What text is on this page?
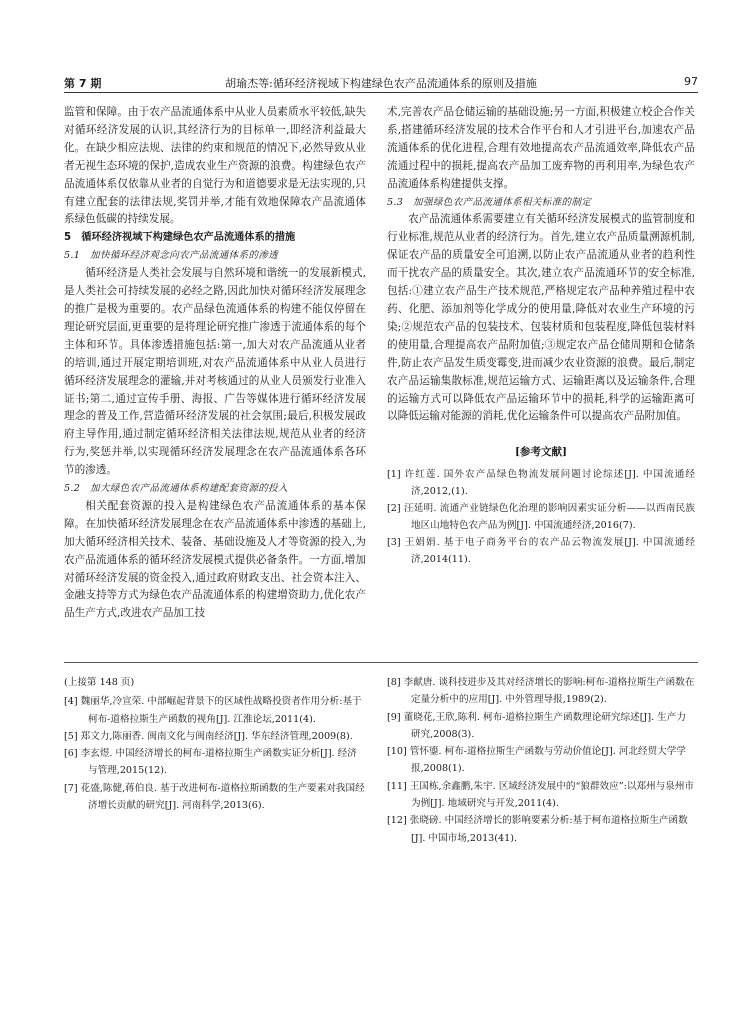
第 7 期	胡瑜杰等:循环经济视域下构建绿色农产品流通体系的原则及措施	97

监管和保障。由于农产品流通体系中从业人员素质水平较低,缺失对循环经济发展的认识,其经济行为的目标单一,即经济利益最大化。在缺少相应法规、法律的约束和规范的情况下,必然导致从业者无视生态环境的保护,造成农业生产资源的浪费。构建绿色农产品流通体系仅依靠从业者的自觉行为和道德要求是无法实现的,只有建立配套的法律法规,奖罚并举,才能有效地保障农产品流通体系绿色低碳的持续发展。

5　循环经济视域下构建绿色农产品流通体系的措施

5.1　加快循环经济观念向农产品流通体系的渗透

循环经济是人类社会发展与自然环境和谐统一的发展新模式,是人类社会可持续发展的必经之路,因此加快对循环经济发展理念的推广是极为重要的。农产品绿色流通体系的构建不能仅停留在理论研究层面,更重要的是将理论研究推广渗透于流通体系的每个主体和环节。具体渗透措施包括:第一,加大对农产品流通从业者的培训,通过开展定期培训班,对农产品流通体系中从业人员进行循环经济发展理念的灌输,并对考核通过的从业人员颁发行业准入证书;第二,通过宣传手册、海报、广告等媒体进行循环经济发展理念的普及工作,营造循环经济发展的社会氛围;最后,积极发展政府主导作用,通过制定循环经济相关法律法规,规范从业者的经济行为,奖惩并举,以实现循环经济发展理念在农产品流通体系各环节的渗透。

5.2　加大绿色农产品流通体系构建配套资源的投入

相关配套资源的投入是构建绿色农产品流通体系的基本保障。在加快循环经济发展理念在农产品流通体系中渗透的基础上,加大循环经济相关技术、装备、基础设施及人才等资源的投入,为农产品流通体系的循环经济发展模式提供必备条件。一方面,增加对循环经济发展的资金投入,通过政府财政支出、社会资本注入、金融支持等方式为绿色农产品流通体系的构建增资助力,优化农产品生产方式,改进农产品加工技

术,完善农产品仓储运输的基础设施;另一方面,积极建立校企合作关系,搭建循环经济发展的技术合作平台和人才引进平台,加速农产品流通体系的优化进程,合理有效地提高农产品流通效率,降低农产品流通过程中的损耗,提高农产品加工废弃物的再利用率,为绿色农产品流通体系构建提供支撑。

5.3　加强绿色农产品流通体系相关标准的制定

农产品流通体系需要建立有关循环经济发展模式的监管制度和行业标准,规范从业者的经济行为。首先,建立农产品质量溯源机制,保证农产品的质量安全可追溯,以防止农产品流通从业者的趋利性而干扰农产品的质量安全。其次,建立农产品流通环节的安全标准,包括:①建立农产品生产技术规范,严格规定农产品种养殖过程中农药、化肥、添加剂等化学成分的使用量,降低对农业生产环境的污染;②规范农产品的包装技术、包装材质和包装程度,降低包装材料的使用量,合理提高农产品附加值;③规定农产品仓储周期和仓储条件,防止农产品发生质变霉变,进而减少农业资源的浪费。最后,制定农产品运输集散标准,规范运输方式、运输距离以及运输条件,合理的运输方式可以降低农产品运输环节中的损耗,科学的运输距离可以降低运输对能源的消耗,优化运输条件可以提高农产品附加值。

[参考文献]

[1] 许红莲. 国外农产品绿色物流发展问题讨论综述[J]. 中国流通经济,2012,(1).

[2] 汪延明. 流通产业链绿色化治理的影响因素实证分析——以西南民族地区山地特色农产品为例[J]. 中国流通经济,2016(7).

[3] 王娟娟. 基于电子商务平台的农产品云物流发展[J]. 中国流通经济,2014(11).

(上接第 148 页)

[4] 魏丽华,冷宣荣. 中部崛起背景下的区域性战略投资者作用分析:基于柯布-道格拉斯生产函数的视角[J]. 江淮论坛,2011(4).

[5] 郑文力,陈丽香. 闽南文化与闽南经济[J]. 华东经济管理,2009(8).

[6] 李玄煜. 中国经济增长的柯布-道格拉斯生产函数实证分析[J]. 经济与管理,2015(12).

[7] 花盛,陈健,蒋伯良. 基于改进柯布-道格拉斯函数的生产要素对我国经济增长贡献的研究[J]. 河南科学,2013(6).

[8] 李献唐. 谈科技进步及其对经济增长的影响:柯布-道格拉斯生产函数在定量分析中的应用[J]. 中外管理导报,1989(2).

[9] 董晓花,王欣,陈利. 柯布-道格拉斯生产函数理论研究综述[J]. 生产力研究,2008(3).

[10] 管怀鎏. 柯布-道格拉斯生产函数与劳动价值论[J]. 河北经贸大学学报,2008(1).

[11] 王国栋,余鑫鹏,朱宇. 区域经济发展中的“狼群效应”:以郑州与泉州市为例[J]. 地域研究与开发,2011(4).

[12] 张晓磅. 中国经济增长的影响要素分析:基于柯布道格拉斯生产函数[J]. 中国市场,2013(41).
